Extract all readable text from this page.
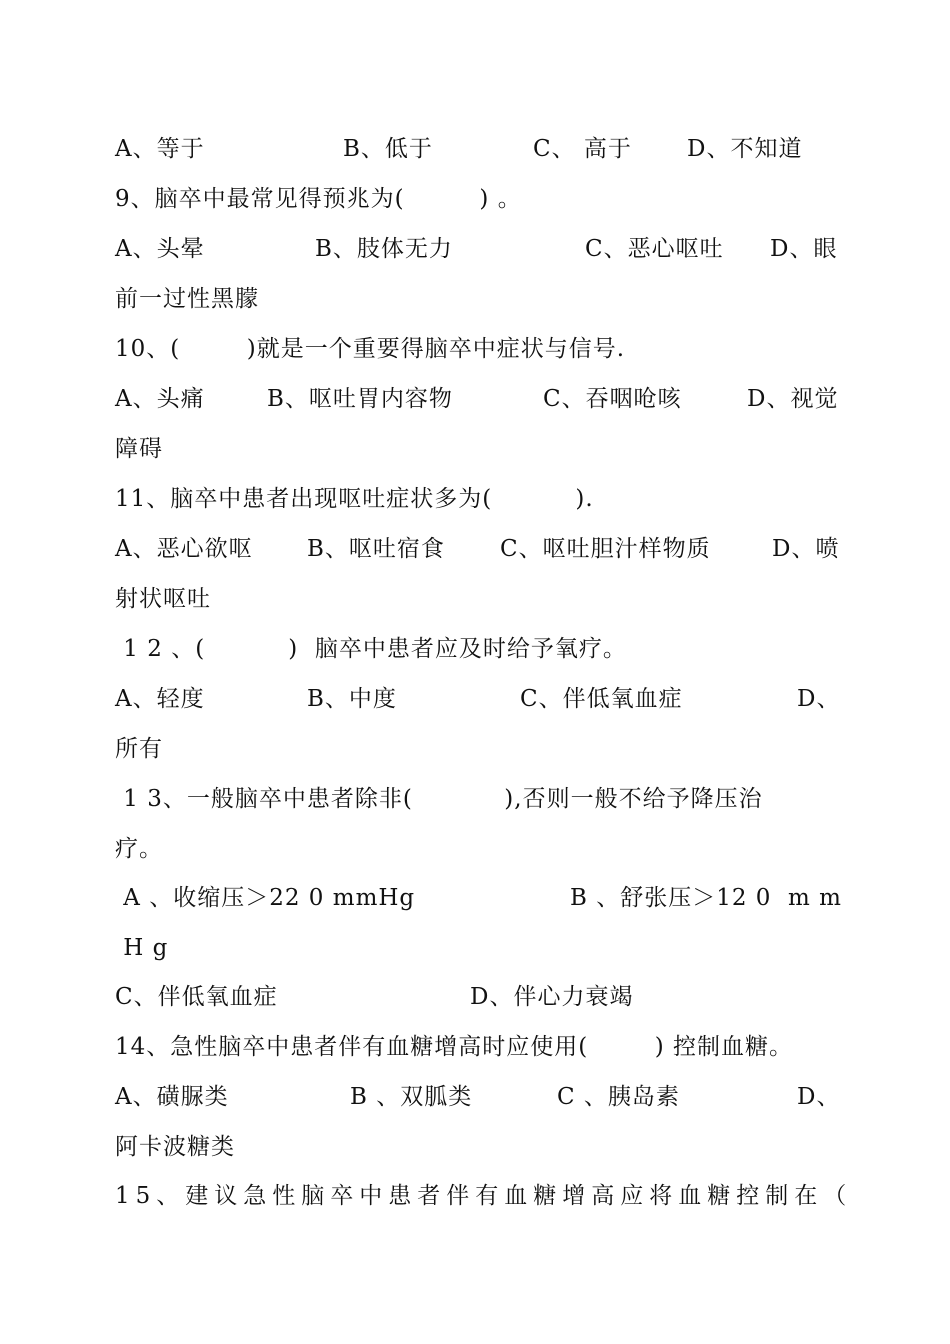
A、等于

	B、低于

	C、 高于

D、不知道

9、脑卒中最常见得预兆为(         ) 。

A、头晕

	B、肢体无力

	C、恶心呕吐

D、眼

前一过性黑朦
10、(        )就是一个重要得脑卒中症状与信号.

A、头痛

	B、呕吐胃内容物

	C、吞咽呛咳

	D、视觉

障碍
11、脑卒中患者出现呕吐症状多为(          ).

A、恶心欲呕

B、呕吐宿食

C、呕吐胆汁样物质

	D、喷

射状呕吐
1 2 、(          )  脑卒中患者应及时给予氧疗。

A、轻度

	B、中度

	C、伴低氧血症

	D、

所有
1 3、一般脑卒中患者除非(           ),否则一般不给予降压治
疗。

A 、收缩压＞22 0 mmHg

	B 、舒张压＞12 0  m m

H g

C、伴低氧血症

	D、伴心力衰竭

14、急性脑卒中患者伴有血糖增高时应使用(        ) 控制血糖。

A、磺脲类

	B 、双胍类

	C 、胰岛素

	D、

阿卡波糖类
15、建议急性脑卒中患者伴有血糖增高应将血糖控制在（
